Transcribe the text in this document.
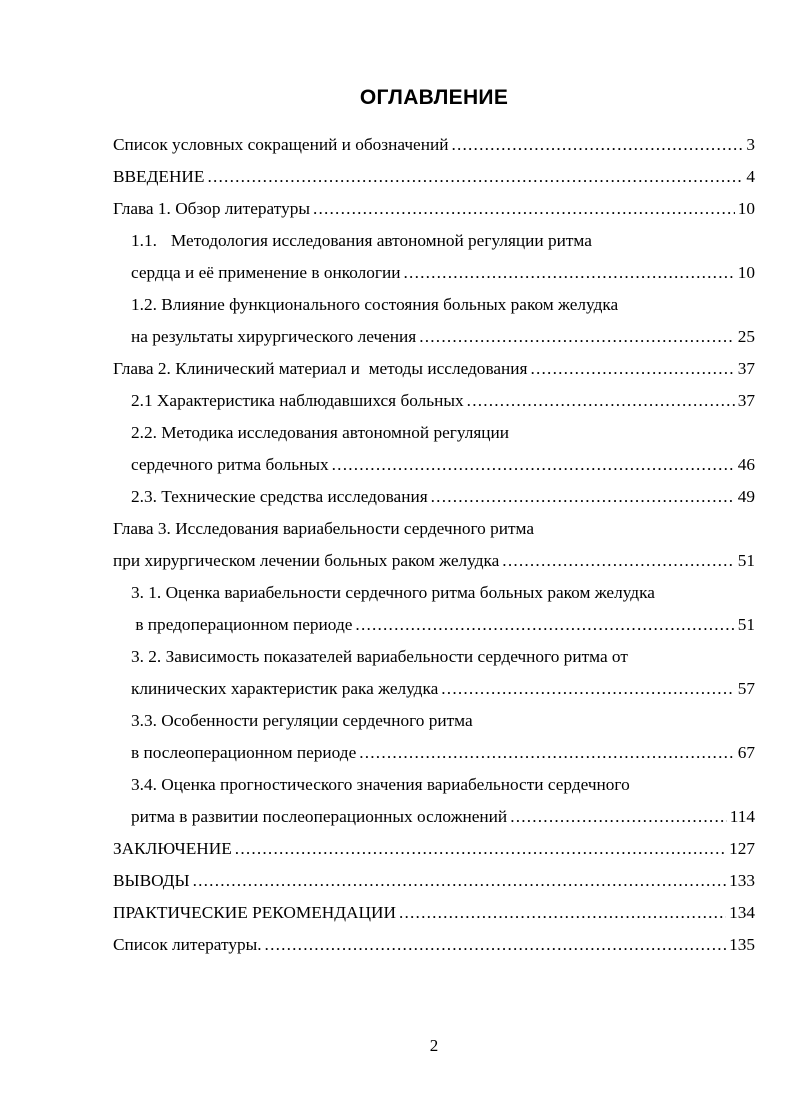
ОГЛАВЛЕНИЕ
Список условных сокращений и обозначений .....	3
ВВЕДЕНИЕ .....	4
Глава 1. Обзор литературы .....	10
1.1. Методология исследования автономной регуляции ритма
сердца и её применение в онкологии .....	10
1.2. Влияние функционального состояния больных раком желудка
на результаты хирургического лечения .....	25
Глава 2. Клинический материал и  методы исследования .....	37
2.1 Характеристика наблюдавшихся больных .....	37
2.2. Методика исследования автономной регуляции
сердечного ритма больных .....	46
2.3. Технические средства исследования .....	49
Глава 3. Исследования вариабельности сердечного ритма
при хирургическом лечении больных раком желудка .....	51
3. 1. Оценка вариабельности сердечного ритма больных раком желудка
в предоперационном периоде .....	51
3. 2. Зависимость показателей вариабельности сердечного ритма от
клинических характеристик рака желудка .....	57
3.3. Особенности регуляции сердечного ритма
в послеоперационном периоде .....	67
3.4. Оценка прогностического значения вариабельности сердечного
ритма в развитии послеоперационных осложнений .....	114
ЗАКЛЮЧЕНИЕ .....	127
ВЫВОДЫ .....	133
ПРАКТИЧЕСКИЕ РЕКОМЕНДАЦИИ .....	134
Список литературы. .....	135
2
